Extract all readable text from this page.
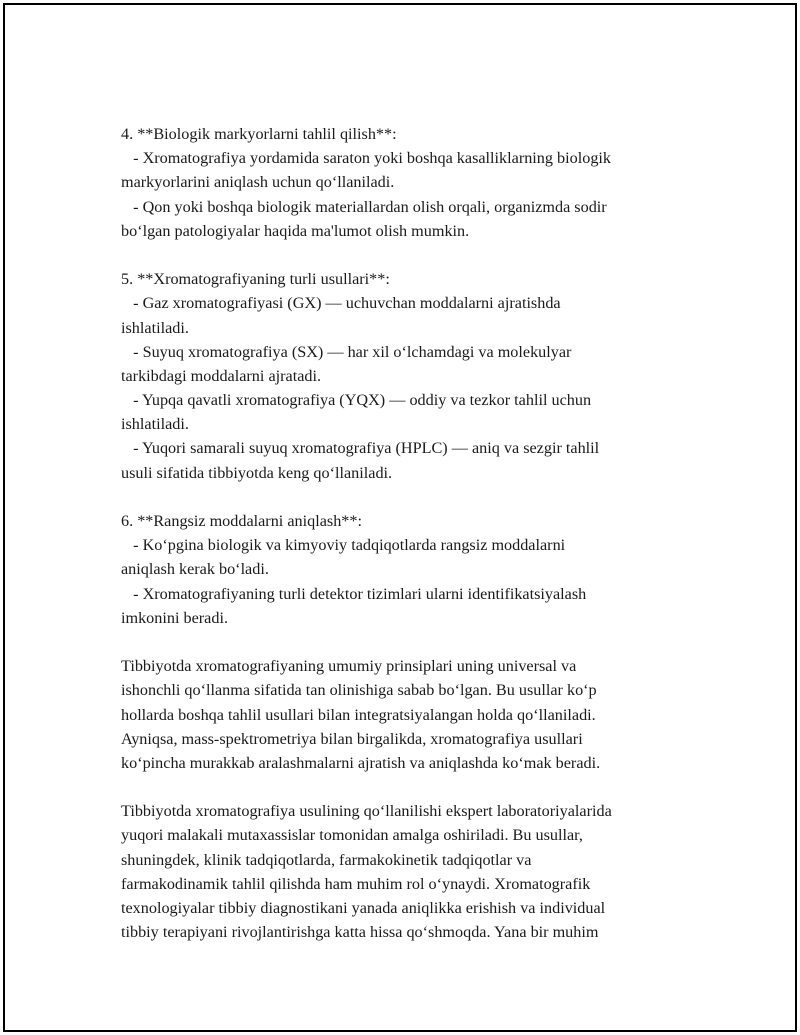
4. **Biologik markyorlarni tahlil qilish**:
- Xromatografiya yordamida saraton yoki boshqa kasalliklarning biologik
markyorlarini aniqlash uchun qo‘llaniladi.
- Qon yoki boshqa biologik materiallardan olish orqali, organizmda sodir
bo‘lgan patologiyalar haqida ma'lumot olish mumkin.
5. **Xromatografiyaning turli usullari**:
- Gaz xromatografiyasi (GX) — uchuvchan moddalarni ajratishda
ishlatiladi.
- Suyuq xromatografiya (SX) — har xil o‘lchamdagi va molekulyar
tarkibdagi moddalarni ajratadi.
- Yupqa qavatli xromatografiya (YQX) — oddiy va tezkor tahlil uchun
ishlatiladi.
- Yuqori samarali suyuq xromatografiya (HPLC) — aniq va sezgir tahlil
usuli sifatida tibbiyotda keng qo‘llaniladi.
6. **Rangsiz moddalarni aniqlash**:
- Ko‘pgina biologik va kimyoviy tadqiqotlarda rangsiz moddalarni
aniqlash kerak bo‘ladi.
- Xromatografiyaning turli detektor tizimlari ularni identifikatsiyalash
imkonini beradi.
Tibbiyotda xromatografiyaning umumiy prinsiplari uning universal va
ishonchli qo‘llanma sifatida tan olinishiga sabab bo‘lgan. Bu usullar ko‘p
hollarda boshqa tahlil usullari bilan integratsiyalangan holda qo‘llaniladi.
Ayniqsa, mass-spektrometriya bilan birgalikda, xromatografiya usullari
ko‘pincha murakkab aralashmalarni ajratish va aniqlashda ko‘mak beradi.
Tibbiyotda xromatografiya usulining qo‘llanilishi ekspert laboratoriyalarida
yuqori malakali mutaxassislar tomonidan amalga oshiriladi. Bu usullar,
shuningdek, klinik tadqiqotlarda, farmakokinetik tadqiqotlar va
farmakodinamik tahlil qilishda ham muhim rol o‘ynaydi. Xromatografik
texnologiyalar tibbiy diagnostikani yanada aniqlikka erishish va individual
tibbiy terapiyani rivojlantirishga katta hissa qo‘shmoqda. Yana bir muhim
